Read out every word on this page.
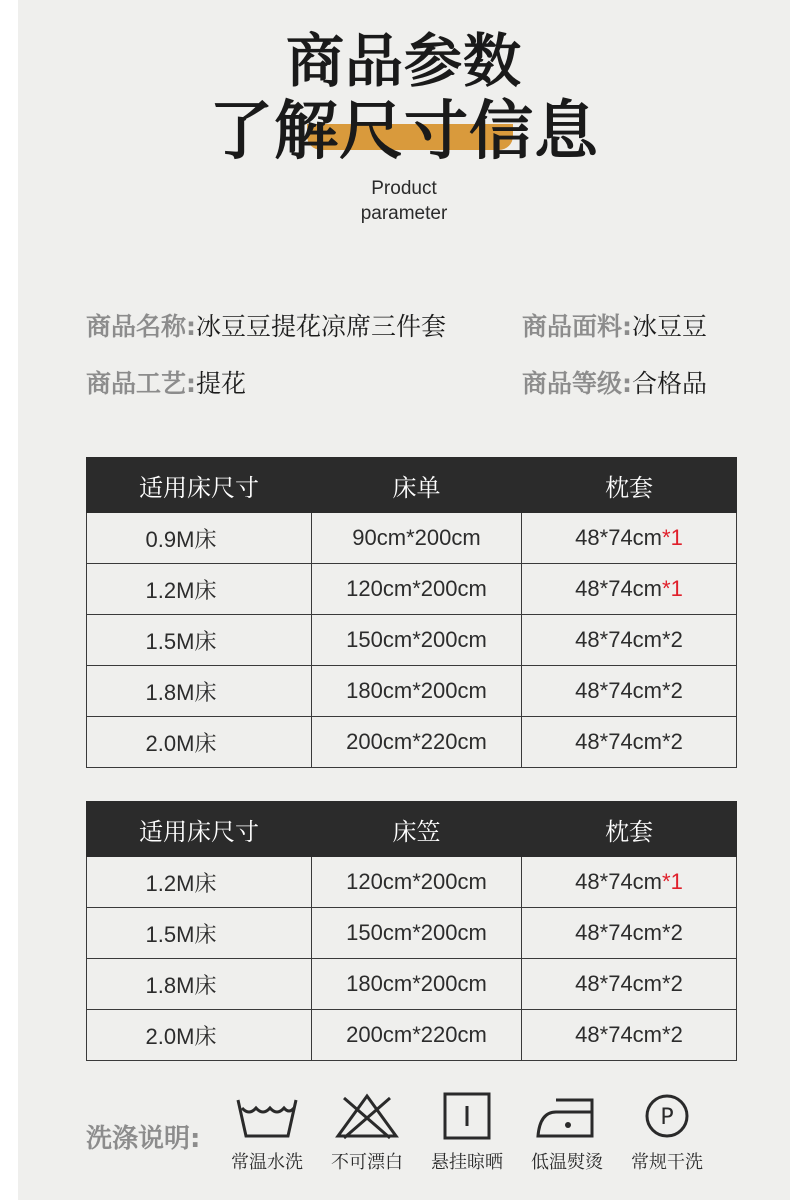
商品参数
了解尺寸信息
Product
parameter
商品名称:冰豆豆提花凉席三件套	商品面料:冰豆豆
商品工艺:提花	商品等级:合格品
适用床尺寸	床单	枕套
0.9M床	90cm*200cm	48*74cm*1
1.2M床	120cm*200cm	48*74cm*1
1.5M床	150cm*200cm	48*74cm*2
1.8M床	180cm*200cm	48*74cm*2
2.0M床	200cm*220cm	48*74cm*2
适用床尺寸	床笠	枕套
1.2M床	120cm*200cm	48*74cm*1
1.5M床	150cm*200cm	48*74cm*2
1.8M床	180cm*200cm	48*74cm*2
2.0M床	200cm*220cm	48*74cm*2
洗涤说明:
常温水洗	不可漂白	悬挂晾晒	低温熨烫
P
常规干洗
